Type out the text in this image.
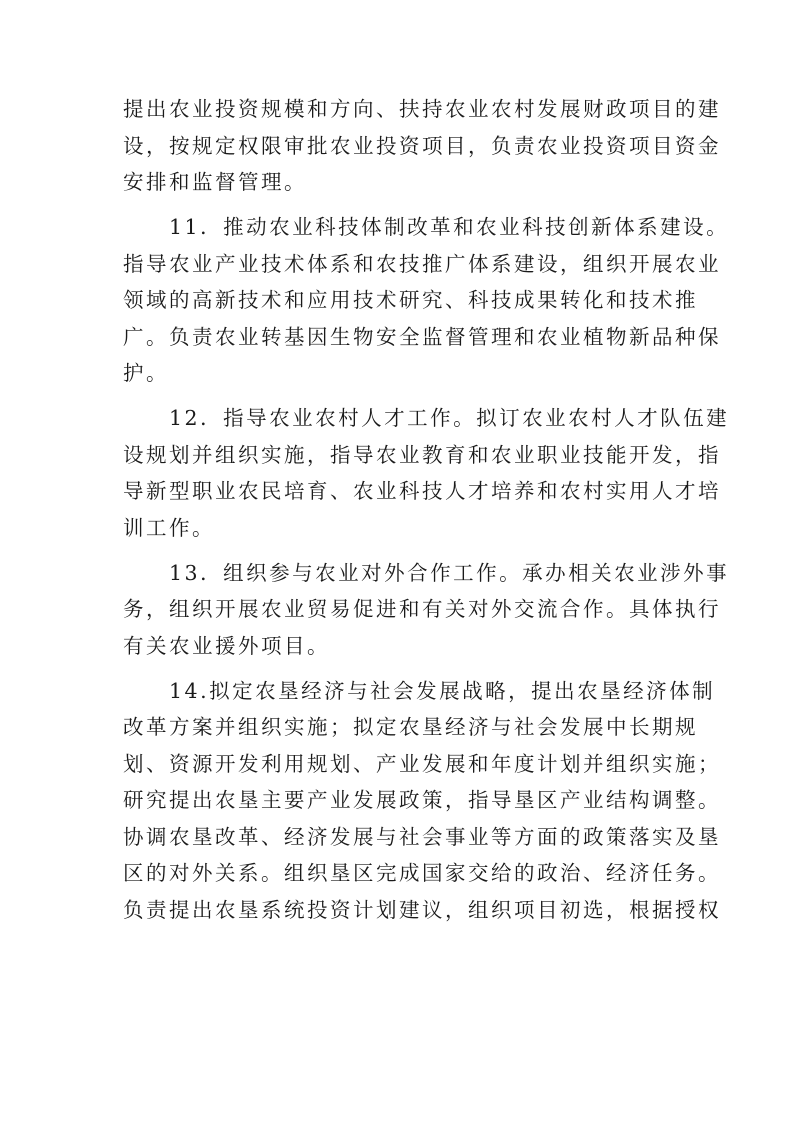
提出农业投资规模和方向、扶持农业农村发展财政项目的建
设，按规定权限审批农业投资项目，负责农业投资项目资金
安排和监督管理。
　　11．推动农业科技体制改革和农业科技创新体系建设。
指导农业产业技术体系和农技推广体系建设，组织开展农业
领域的高新技术和应用技术研究、科技成果转化和技术推
广。负责农业转基因生物安全监督管理和农业植物新品种保
护。
　　12．指导农业农村人才工作。拟订农业农村人才队伍建
设规划并组织实施，指导农业教育和农业职业技能开发，指
导新型职业农民培育、农业科技人才培养和农村实用人才培
训工作。
　　13．组织参与农业对外合作工作。承办相关农业涉外事
务，组织开展农业贸易促进和有关对外交流合作。具体执行
有关农业援外项目。
　　14.拟定农垦经济与社会发展战略，提出农垦经济体制
改革方案并组织实施；拟定农垦经济与社会发展中长期规
划、资源开发利用规划、产业发展和年度计划并组织实施；
研究提出农垦主要产业发展政策，指导垦区产业结构调整。
协调农垦改革、经济发展与社会事业等方面的政策落实及垦
区的对外关系。组织垦区完成国家交给的政治、经济任务。
负责提出农垦系统投资计划建议，组织项目初选，根据授权
